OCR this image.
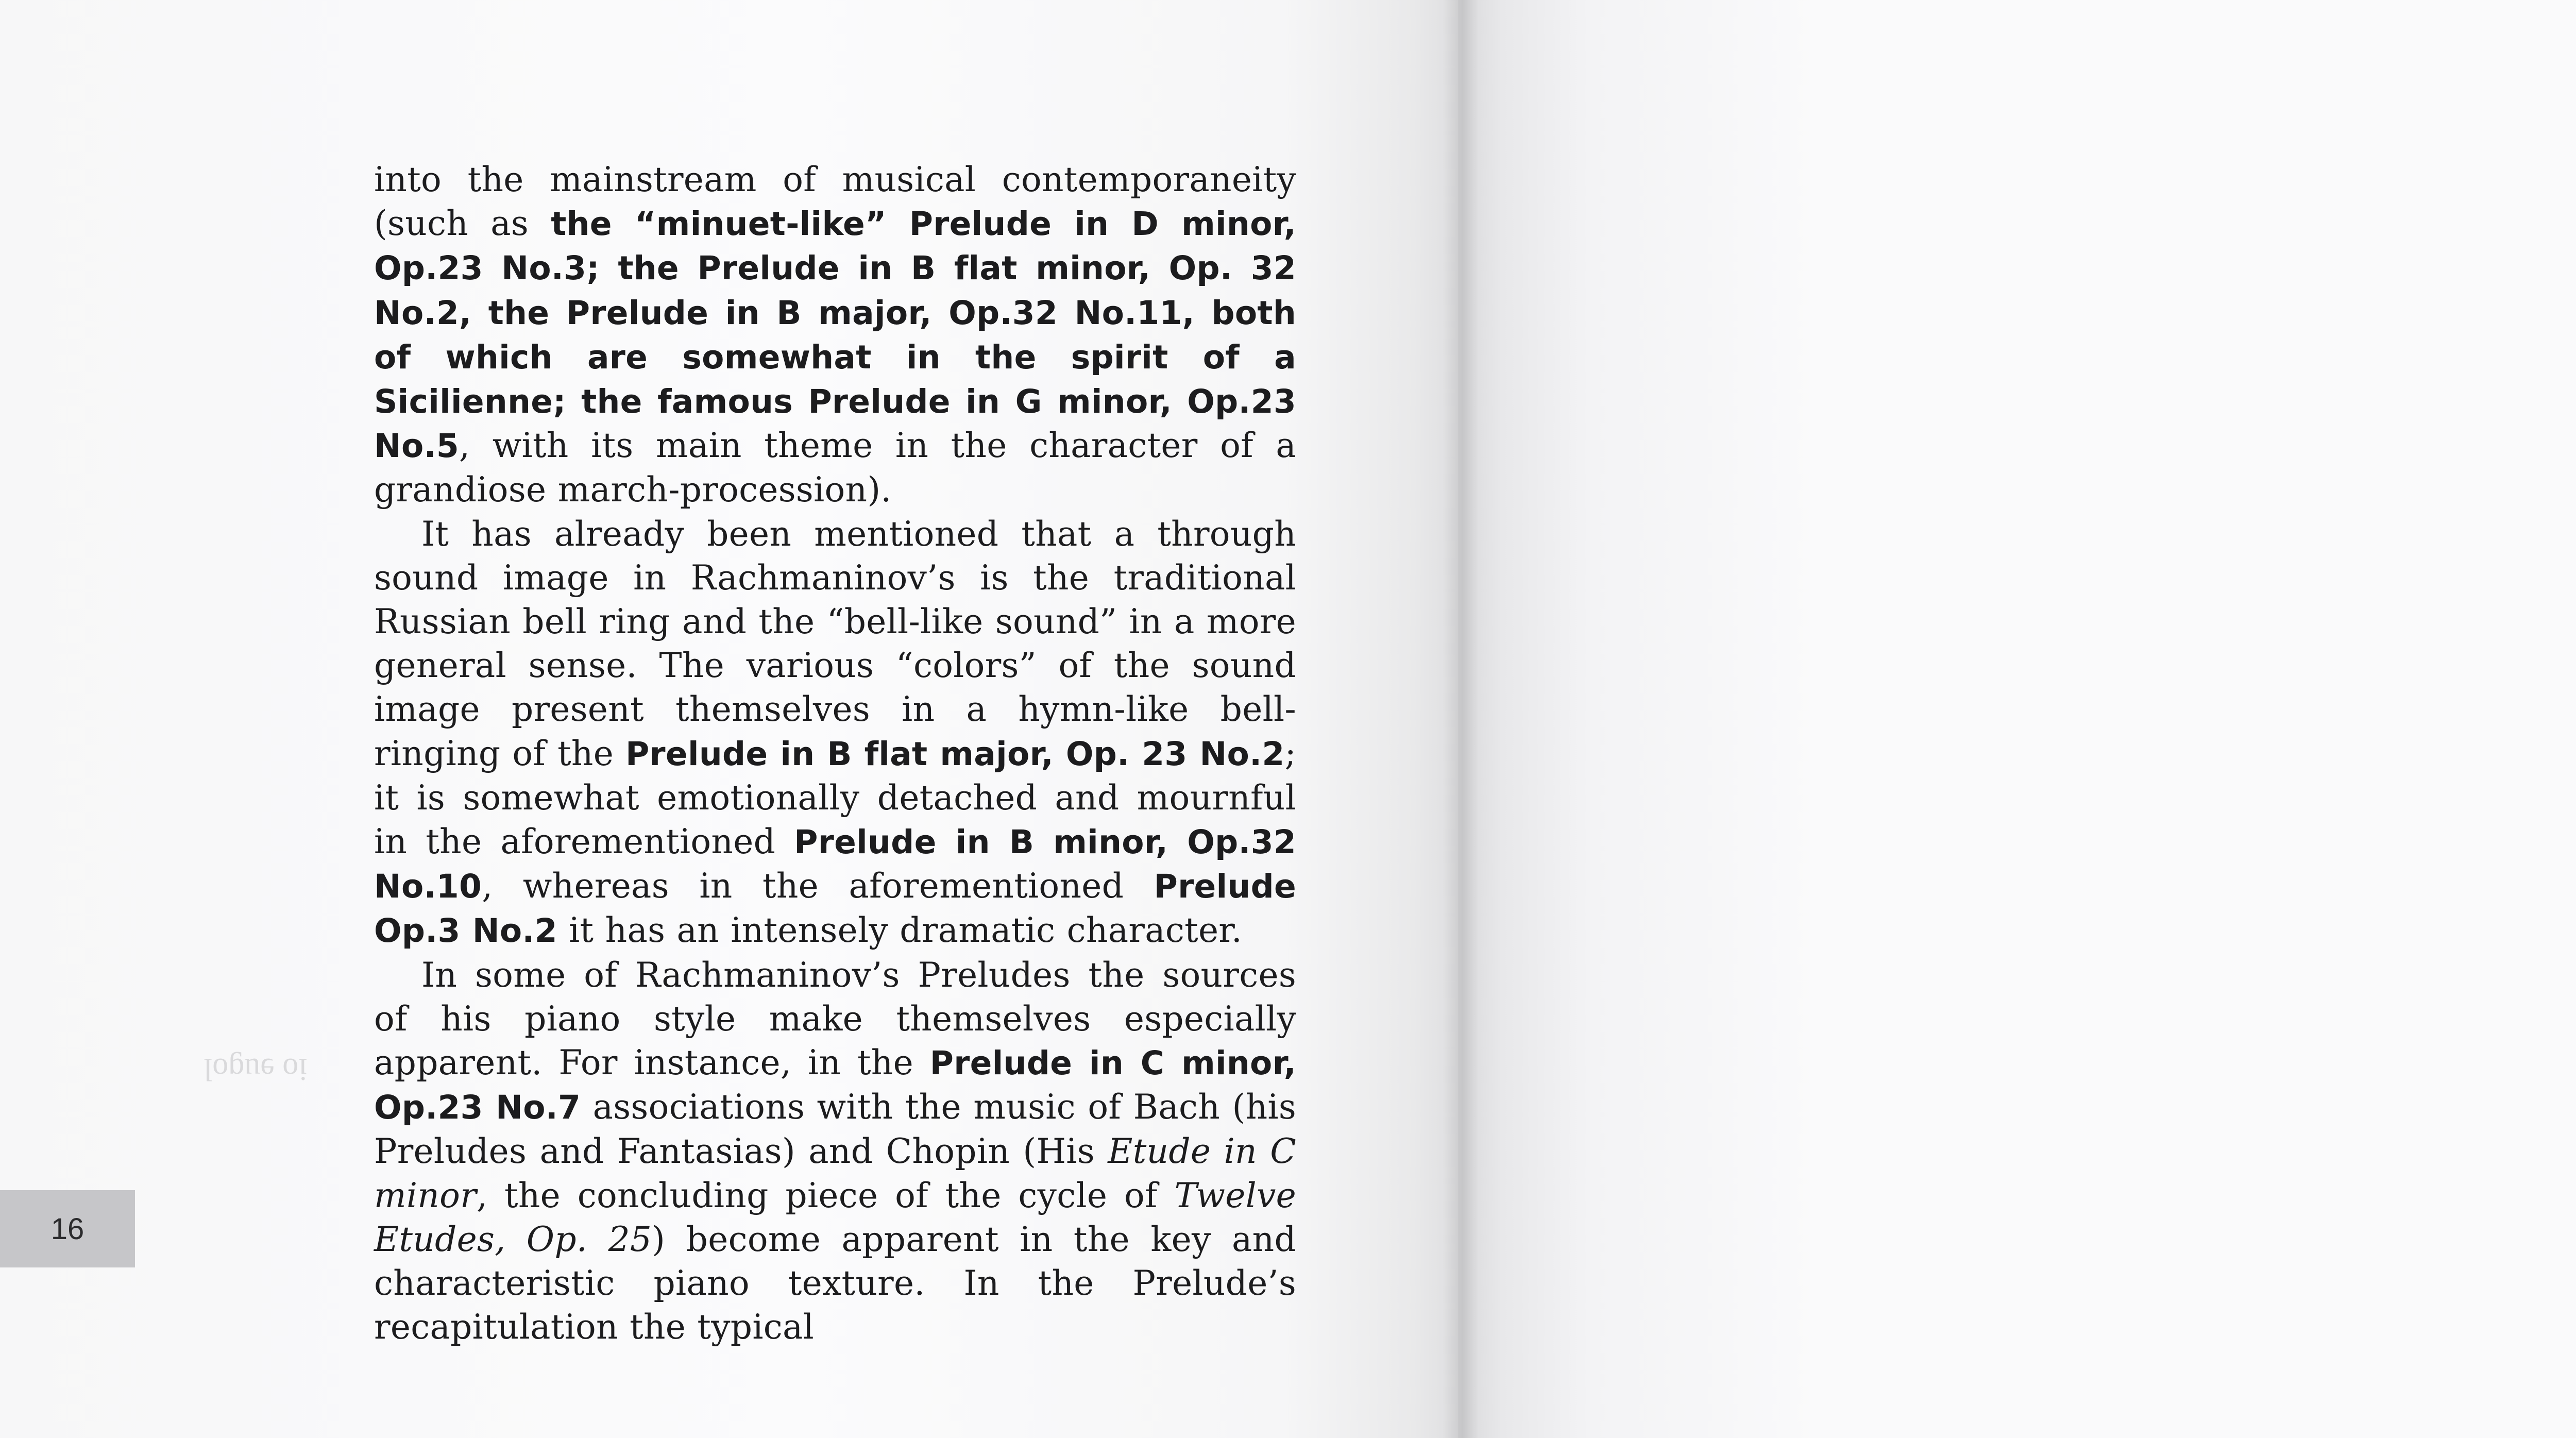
io ɘuɡol

into the mainstream of musical contemporaneity (such as the “minuet-like” Prelude in D minor, Op.23 No.3; the Prelude in B flat minor, Op. 32 No.2, the Prelude in B major, Op.32 No.11, both of which are somewhat in the spirit of a Sicilienne; the famous Prelude in G minor, Op.23 No.5, with its main theme in the character of a grandiose march-procession).

It has already been mentioned that a through sound image in Rachmaninov’s is the traditional Russian bell ring and the “bell-like sound” in a more general sense. The various “colors” of the sound image present themselves in a hymn-like bell-ringing of the Prelude in B flat major, Op. 23 No.2; it is somewhat emotionally detached and mournful in the aforementioned Prelude in B minor, Op.32 No.10, whereas in the aforementioned Prelude Op.3 No.2 it has an intensely dramatic character.

In some of Rachmaninov’s Preludes the sources of his piano style make themselves especially apparent. For instance, in the Prelude in C minor, Op.23 No.7 associations with the music of Bach (his Preludes and Fantasias) and Chopin (His Etude in C minor, the concluding piece of the cycle of Twelve Etudes, Op. 25) become apparent in the key and characteristic piano texture. In the Prelude’s recapitulation the typical

16
